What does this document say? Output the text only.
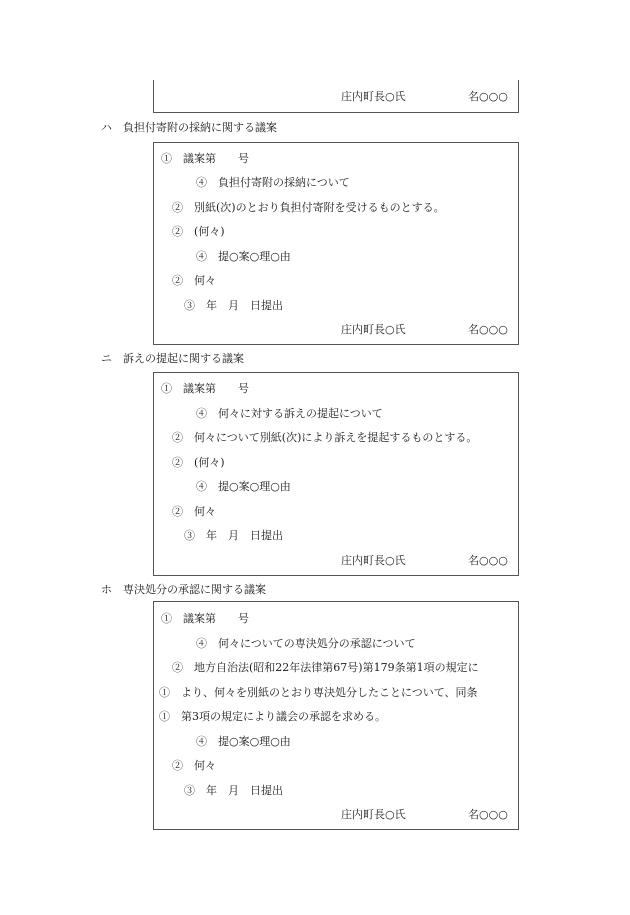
庄内町長○氏	名○○○
ハ 負担付寄附の採納に関する議案
①　議案第　　号
④　負担付寄附の採納について
②　別紙(次)のとおり負担付寄附を受けるものとする。
②　(何々)
④　提○案○理○由
②　何々
③　年　月　日提出
庄内町長○氏	名○○○
ニ 訴えの提起に関する議案
①　議案第　　号
④　何々に対する訴えの提起について
②　何々について別紙(次)により訴えを提起するものとする。
②　(何々)
④　提○案○理○由
②　何々
③　年　月　日提出
庄内町長○氏	名○○○
ホ 専決処分の承認に関する議案
①　議案第　　号
④　何々についての専決処分の承認について
②　地方自治法(昭和22年法律第67号)第179条第1項の規定に
①　より、何々を別紙のとおり専決処分したことについて、同条
①　第3項の規定により議会の承認を求める。
④　提○案○理○由
②　何々
③　年　月　日提出
庄内町長○氏	名○○○
